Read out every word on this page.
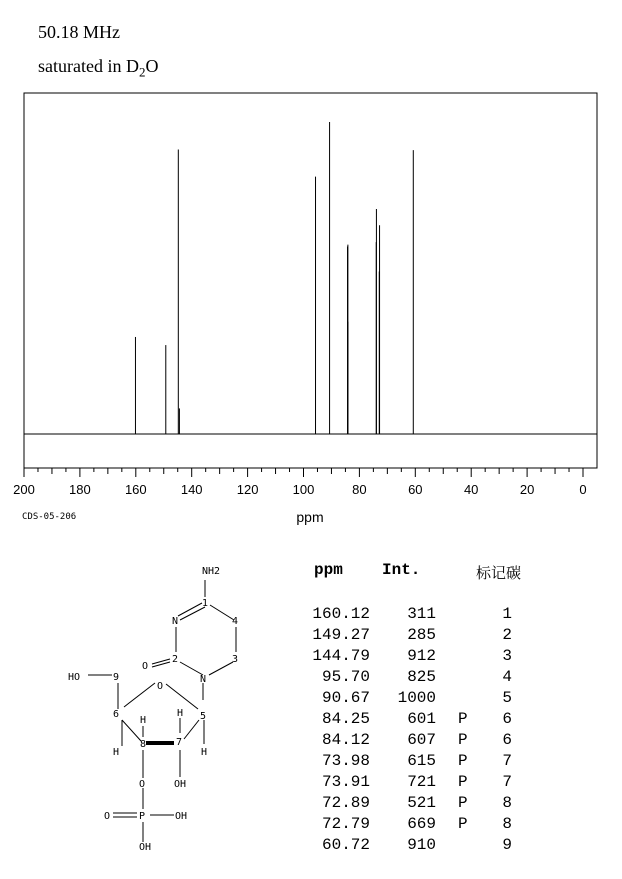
50.18 MHz
saturated in $D_2O$
200	180	160	140	120	100	80	60	40	20	0
ppm
CDS-05-206
NH2
1
N	4
2	3
O
N
O
5
6
8	7
9
HO
H
H
H
H
OH
O
P
O	OH
OH
ppm Int.	标记碳
160.12	311	1
149.27	285	2
144.79	912	3
95.70	825	4
90.67	1000	5
84.25	601 P	6
84.12	607 P	6
73.98	615 P	7
73.91	721 P	7
72.89	521 P	8
72.79	669 P	8
60.72	910	9
